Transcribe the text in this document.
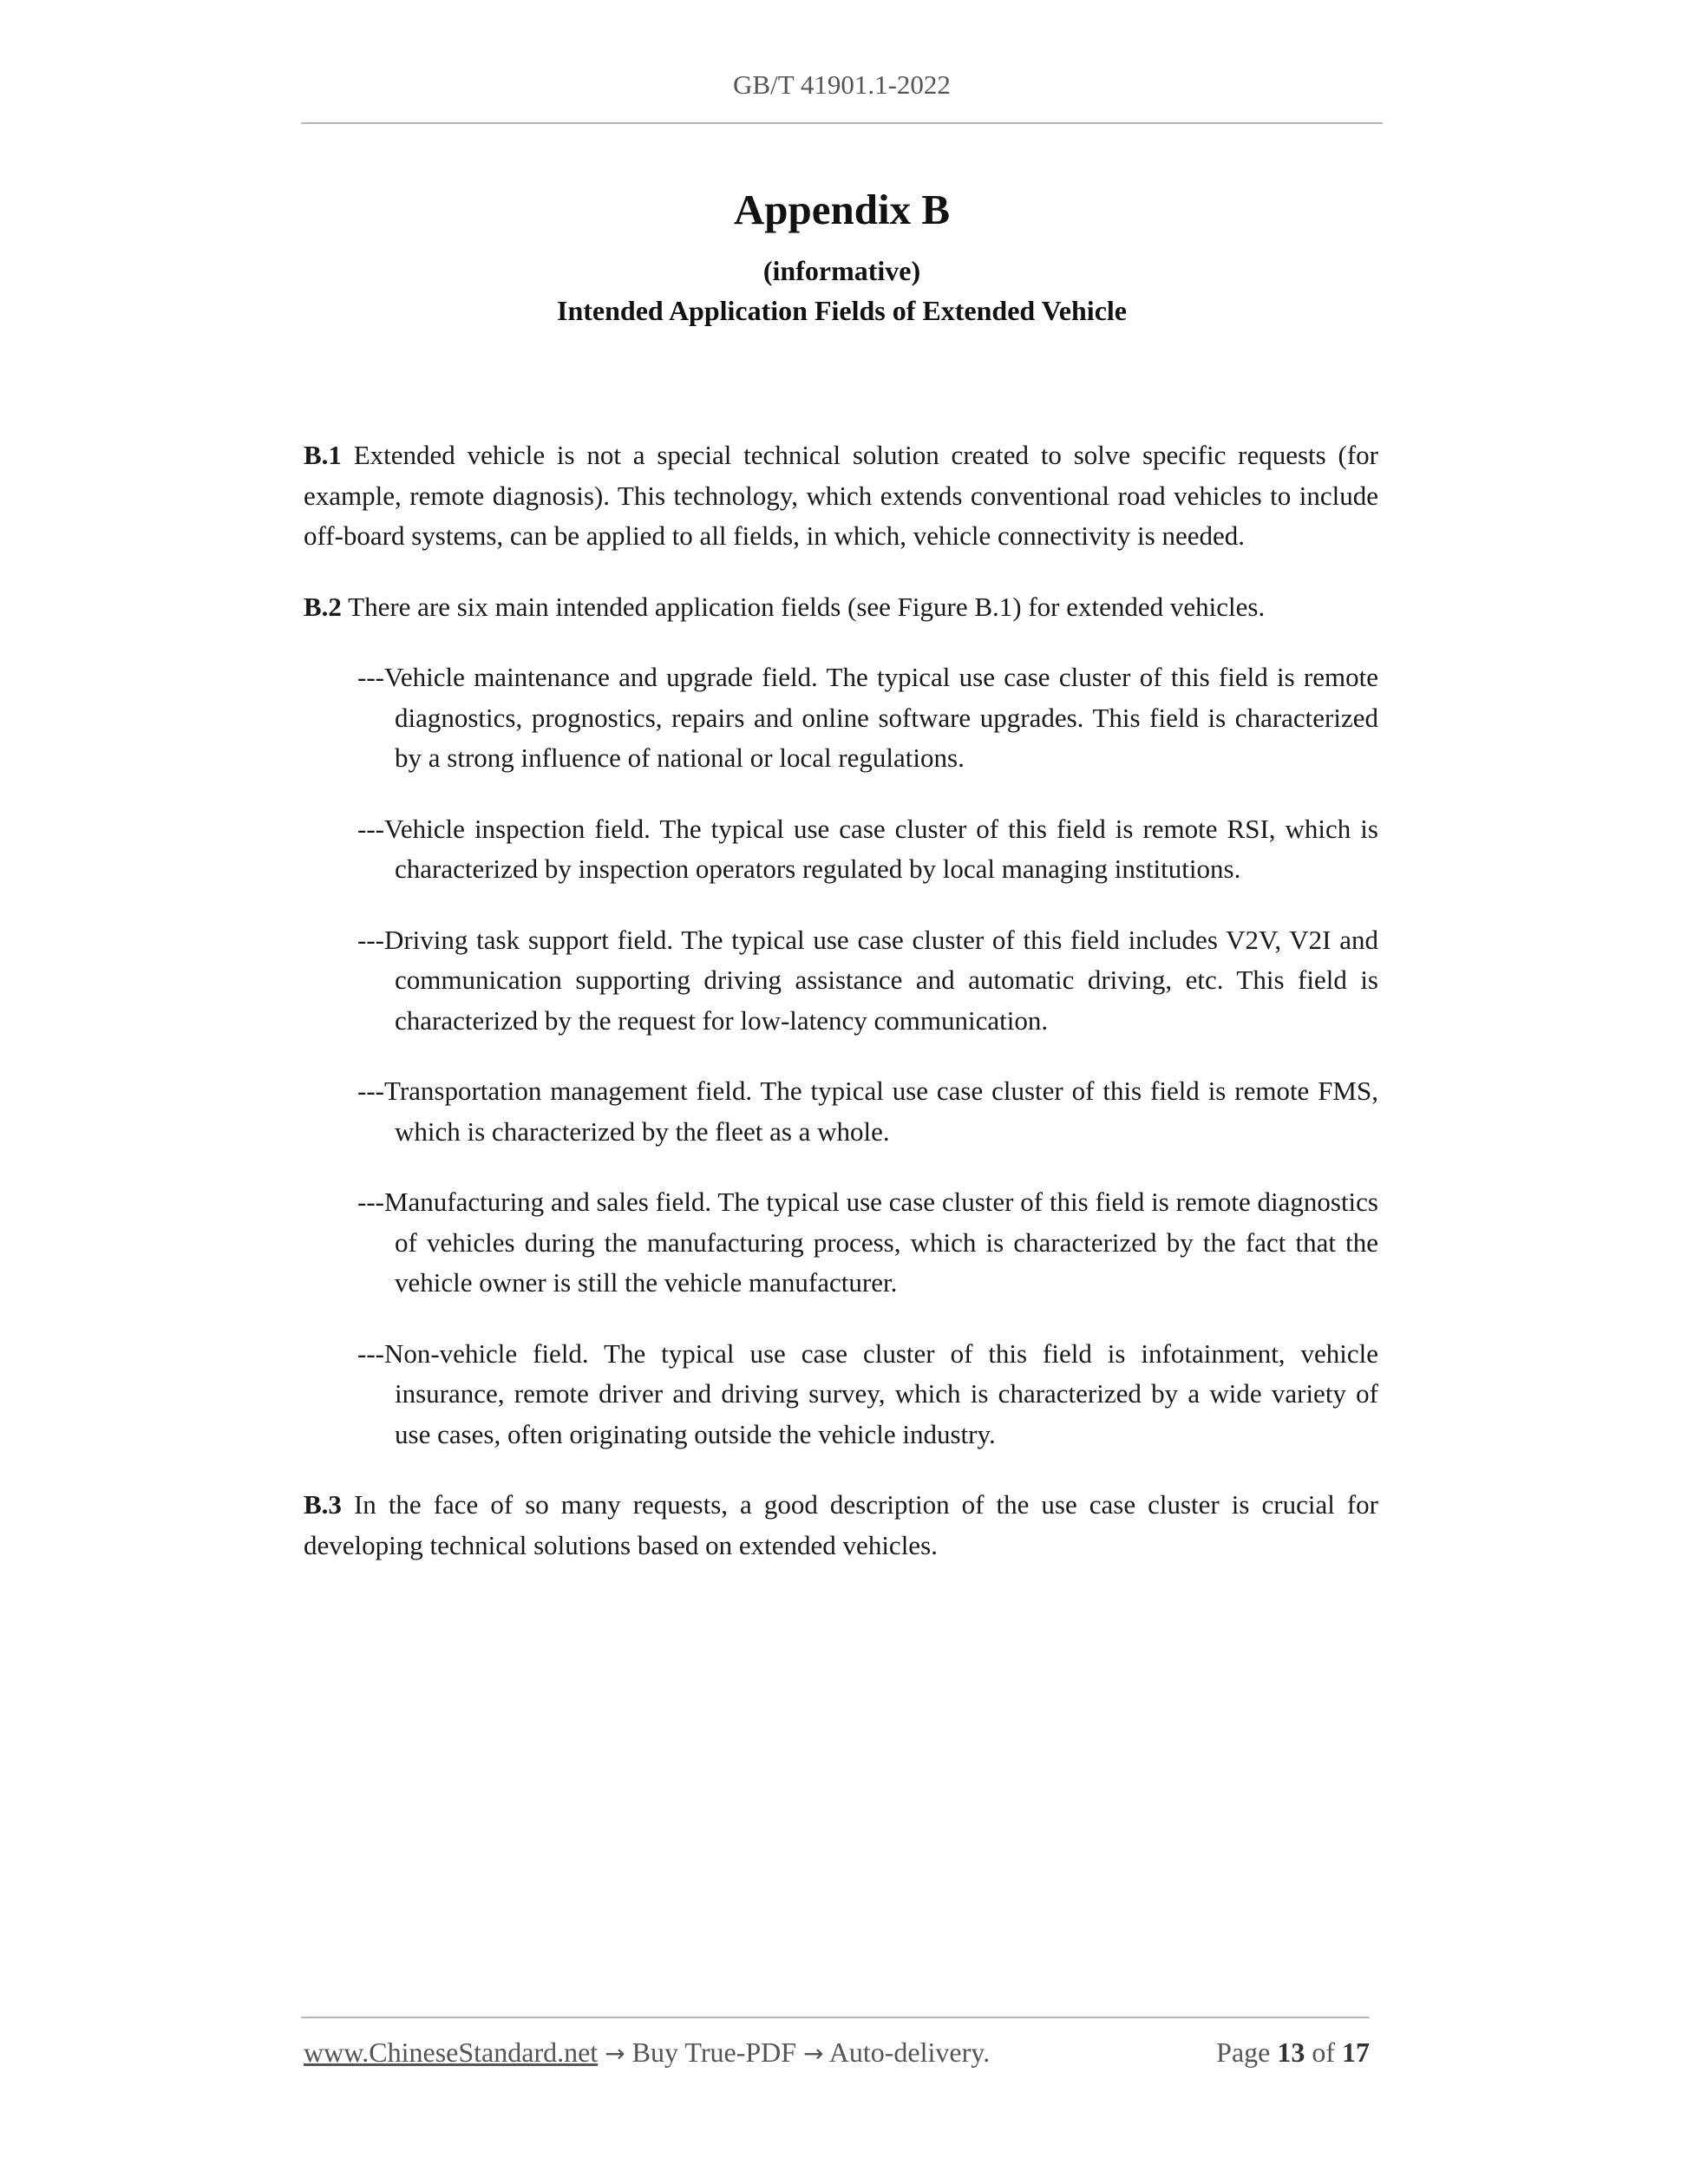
GB/T 41901.1-2022
Appendix B
(informative)
Intended Application Fields of Extended Vehicle

B.1 Extended vehicle is not a special technical solution created to solve specific requests (for example, remote diagnosis). This technology, which extends conventional road vehicles to include off-board systems, can be applied to all fields, in which, vehicle connectivity is needed.

B.2 There are six main intended application fields (see Figure B.1) for extended vehicles.

---Vehicle maintenance and upgrade field. The typical use case cluster of this field is remote diagnostics, prognostics, repairs and online software upgrades. This field is characterized by a strong influence of national or local regulations.
---Vehicle inspection field. The typical use case cluster of this field is remote RSI, which is characterized by inspection operators regulated by local managing institutions.
---Driving task support field. The typical use case cluster of this field includes V2V, V2I and communication supporting driving assistance and automatic driving, etc. This field is characterized by the request for low-latency communication.
---Transportation management field. The typical use case cluster of this field is remote FMS, which is characterized by the fleet as a whole.
---Manufacturing and sales field. The typical use case cluster of this field is remote diagnostics of vehicles during the manufacturing process, which is characterized by the fact that the vehicle owner is still the vehicle manufacturer.
---Non-vehicle field. The typical use case cluster of this field is infotainment, vehicle insurance, remote driver and driving survey, which is characterized by a wide variety of use cases, often originating outside the vehicle industry.

B.3 In the face of so many requests, a good description of the use case cluster is crucial for developing technical solutions based on extended vehicles.

www.ChineseStandard.net → Buy True-PDF → Auto-delivery.	Page 13 of 17
